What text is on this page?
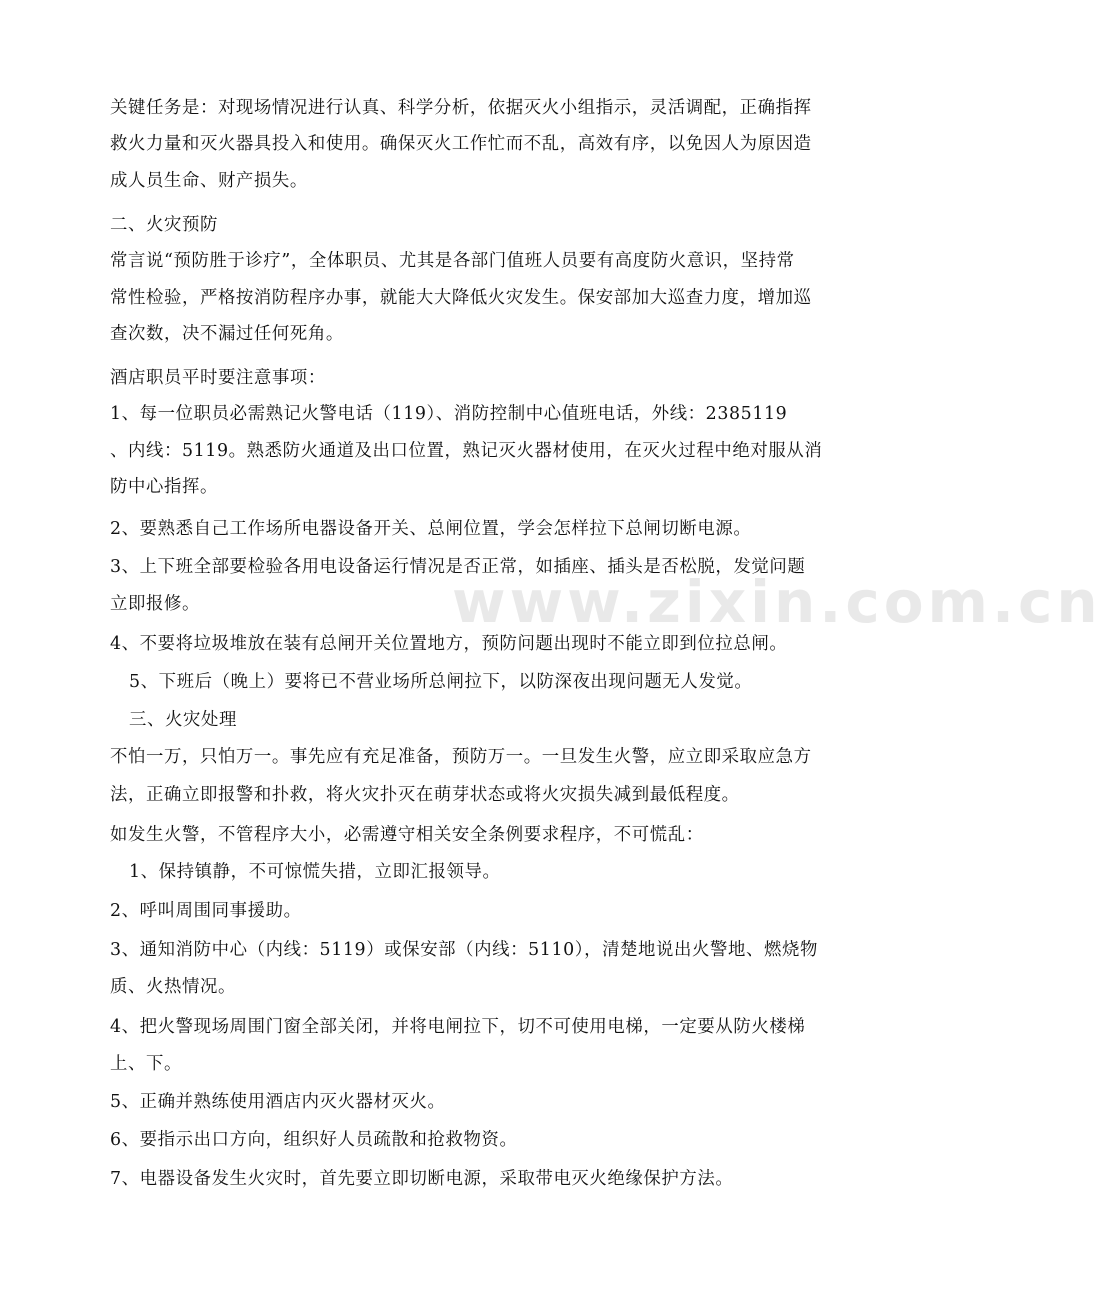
www.zixin.com.cn
关键任务是：对现场情况进行认真、科学分析，依据灭火小组指示，灵活调配，正确指挥
救火力量和灭火器具投入和使用。确保灭火工作忙而不乱，高效有序，以免因人为原因造
成人员生命、财产损失。
二、火灾预防
常言说“预防胜于诊疗”，全体职员、尤其是各部门值班人员要有高度防火意识，坚持常
常性检验，严格按消防程序办事，就能大大降低火灾发生。保安部加大巡查力度，增加巡
查次数，决不漏过任何死角。
酒店职员平时要注意事项：
1、每一位职员必需熟记火警电话（119）、消防控制中心值班电话，外线：2385119
、内线：5119。熟悉防火通道及出口位置，熟记灭火器材使用，在灭火过程中绝对服从消
防中心指挥。
2、要熟悉自己工作场所电器设备开关、总闸位置，学会怎样拉下总闸切断电源。
3、上下班全部要检验各用电设备运行情况是否正常，如插座、插头是否松脱，发觉问题
立即报修。
4、不要将垃圾堆放在装有总闸开关位置地方，预防问题出现时不能立即到位拉总闸。
5、下班后（晚上）要将已不营业场所总闸拉下，以防深夜出现问题无人发觉。
三、火灾处理
不怕一万，只怕万一。事先应有充足准备，预防万一。一旦发生火警，应立即采取应急方
法，正确立即报警和扑救，将火灾扑灭在萌芽状态或将火灾损失减到最低程度。
如发生火警，不管程序大小，必需遵守相关安全条例要求程序，不可慌乱：
1、保持镇静，不可惊慌失措，立即汇报领导。
2、呼叫周围同事援助。
3、通知消防中心（内线：5119）或保安部（内线：5110），清楚地说出火警地、燃烧物
质、火热情况。
4、把火警现场周围门窗全部关闭，并将电闸拉下，切不可使用电梯，一定要从防火楼梯
上、下。
5、正确并熟练使用酒店内灭火器材灭火。
6、要指示出口方向，组织好人员疏散和抢救物资。
7、电器设备发生火灾时，首先要立即切断电源，采取带电灭火绝缘保护方法。
